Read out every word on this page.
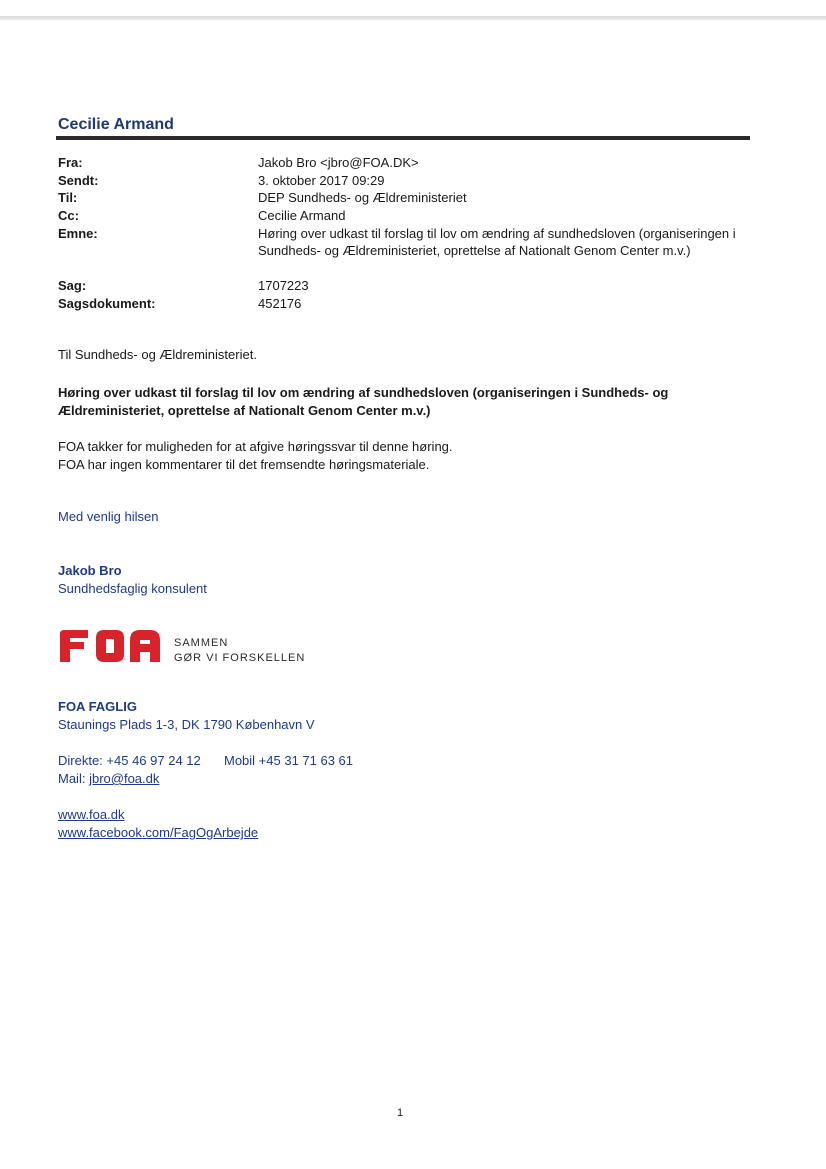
Cecilie Armand
Fra:	Jakob Bro <jbro@FOA.DK>
Sendt:	3. oktober 2017 09:29
Til:	DEP Sundheds- og Ældreministeriet
Cc:	Cecilie Armand
Emne:	Høring over udkast til forslag til lov om ændring af sundhedsloven (organiseringen i
Sundheds- og Ældreministeriet, oprettelse af Nationalt Genom Center m.v.)
Sag:	1707223
Sagsdokument:	452176
Til Sundheds- og Ældreministeriet.
Høring over udkast til forslag til lov om ændring af sundhedsloven (organiseringen i Sundheds- og
Ældreministeriet, oprettelse af Nationalt Genom Center m.v.)
FOA takker for muligheden for at afgive høringssvar til denne høring.
FOA har ingen kommentarer til det fremsendte høringsmateriale.
Med venlig hilsen
Jakob Bro
Sundhedsfaglig konsulent
FOA
SAMMEN
GØR VI FORSKELLEN
FOA FAGLIG
Staunings Plads 1-3, DK 1790 København V
Direkte: +45 46 97 24 12 Mobil +45 31 71 63 61
Mail: jbro@foa.dk
www.foa.dk
www.facebook.com/FagOgArbejde
1
